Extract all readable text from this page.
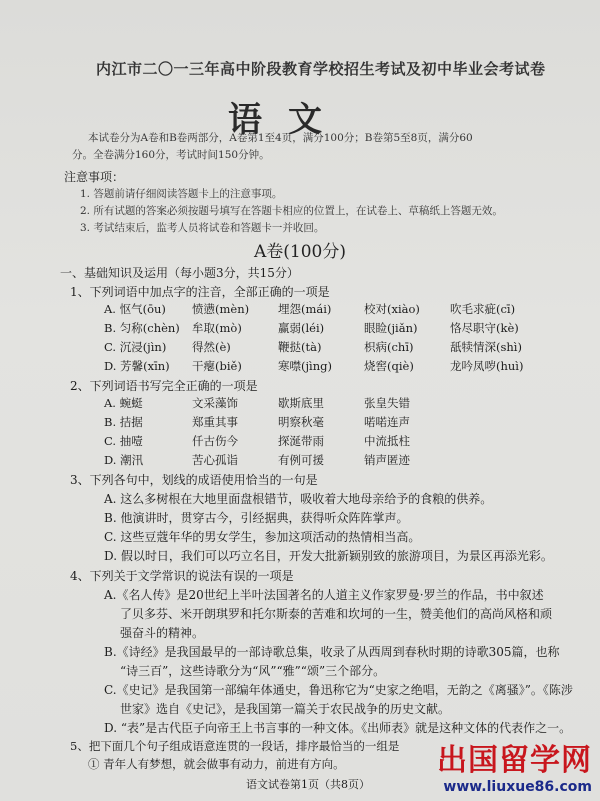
内江市二〇一三年高中阶段教育学校招生考试及初中毕业会考试卷
语文
本试卷分为A卷和B卷两部分，A卷第1至4页，满分100分；B卷第5至8页，满分60
分。全卷满分160分，考试时间150分钟。
注意事项：
1. 答题前请仔细阅读答题卡上的注意事项。
2. 所有试题的答案必须按题号填写在答题卡相应的位置上，在试卷上、草稿纸上答题无效。
3. 考试结束后，监考人员将试卷和答题卡一并收回。
A卷(100分)
一、基础知识及运用（每小题3分，共15分）
1、下列词语中加点字的注音，全部正确的一项是
A. 怄气(ōu)	愤懑(mèn)	埋怨(mái)	校对(xiào)	吹毛求疵(cī)
B. 匀称(chèn)	牟取(mò)	赢弱(léi)	眼睑(jiǎn)	恪尽职守(kè)
C. 沉浸(jìn)	得然(è)	鞭挞(tà)	枳病(chī)	舐犊情深(shì)
D. 芳馨(xīn)	干瘪(biě)	寒噤(jìng)	烧窖(qiè)	龙吟凤哕(huì)
2、下列词语书写完全正确的一项是
A. 蜿蜓	文采藻饰	歇斯底里	张皇失错
B. 拮据	郑重其事	明察秋毫	喏喏连声
C. 抽噎	仟古伤今	探涎带雨	中流抵柱
D. 潮汛	苦心孤诣	有例可援	销声匿迹
3、下列各句中，划线的成语使用恰当的一句是
A. 这么多树根在大地里面盘根错节，吸收着大地母亲给予的食粮的供养。
B. 他演讲时，贯穿古今，引经据典，获得听众阵阵掌声。
C. 这些豆蔻年华的男女学生，参加这项活动的热情相当高。
D. 假以时日，我们可以巧立名目，开发大批新颖别致的旅游项目，为景区再添光彩。
4、下列关于文学常识的说法有误的一项是
A.《名人传》是20世纪上半叶法国著名的人道主义作家罗曼·罗兰的作品，书中叙述
了贝多芬、米开朗琪罗和托尔斯泰的苦难和坎坷的一生，赞美他们的高尚风格和顽
强奋斗的精神。
B.《诗经》是我国最早的一部诗歌总集，收录了从西周到春秋时期的诗歌305篇，也称
“诗三百”，这些诗歌分为“风”“雅”“颂”三个部分。
C.《史记》是我国第一部编年体通史，鲁迅称它为“史家之绝唱，无韵之《离骚》”。《陈涉
世家》选自《史记》，是我国第一篇关于农民战争的历史文献。
D. “表”是古代臣子向帝王上书言事的一种文体。《出师表》就是这种文体的代表作之一。
5、把下面几个句子组成语意连贯的一段话，排序最恰当的一组是
① 青年人有梦想，就会做事有动力，前进有方向。
语文试卷第1页（共8页）
出国留学网
www.liuxue86.com
